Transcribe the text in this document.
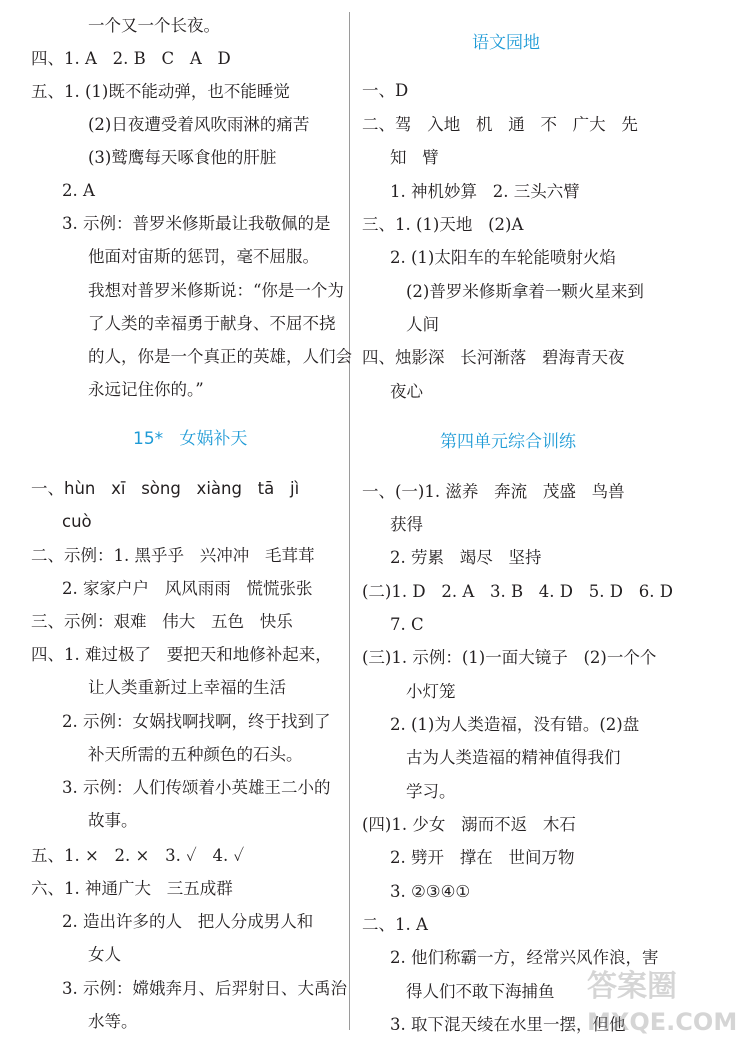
一个又一个长夜。
四、1. A   2. B   C   A   D
五、1. (1)既不能动弹，也不能睡觉
(2)日夜遭受着风吹雨淋的痛苦
(3)鹫鹰每天啄食他的肝脏
2. A
3. 示例：普罗米修斯最让我敬佩的是
他面对宙斯的惩罚，毫不屈服。
我想对普罗米修斯说：“你是一个为
了人类的幸福勇于献身、不屈不挠
的人，你是一个真正的英雄，人们会
永远记住你的。”
15*   女娲补天
一、hùn   xī   sòng   xiàng   tā   jì
cuò
二、示例：1. 黑乎乎   兴冲冲   毛茸茸
2. 家家户户   风风雨雨   慌慌张张
三、示例：艰难   伟大   五色   快乐
四、1. 难过极了   要把天和地修补起来，
让人类重新过上幸福的生活
2. 示例：女娲找啊找啊，终于找到了
补天所需的五种颜色的石头。
3. 示例：人们传颂着小英雄王二小的
故事。
五、1. ×   2. ×   3. ✓   4. ✓
六、1. 神通广大   三五成群
2. 造出许多的人   把人分成男人和
女人
3. 示例：嫦娥奔月、后羿射日、大禹治
水等。
语文园地
一、D
二、驾   入地   机   通   不   广大   先
知   臂
1. 神机妙算   2. 三头六臂
三、1. (1)天地   (2)A
2. (1)太阳车的车轮能喷射火焰
(2)普罗米修斯拿着一颗火星来到
人间
四、烛影深   长河渐落   碧海青天夜
夜心
第四单元综合训练
一、(一)1. 滋养   奔流   茂盛   鸟兽
获得
2. 劳累   竭尽   坚持
(二)1. D   2. A   3. B   4. D   5. D   6. D
7. C
(三)1. 示例：(1)一面大镜子   (2)一个个
小灯笼
2. (1)为人类造福，没有错。(2)盘
古为人类造福的精神值得我们
学习。
(四)1. 少女   溺而不返   木石
2. 劈开   撑在   世间万物
3. ②③④①
二、1. A
2. 他们称霸一方，经常兴风作浪，害
得人们不敢下海捕鱼
3. 取下混天绫在水里一摆，但他
答案圈
MXQE.COM
